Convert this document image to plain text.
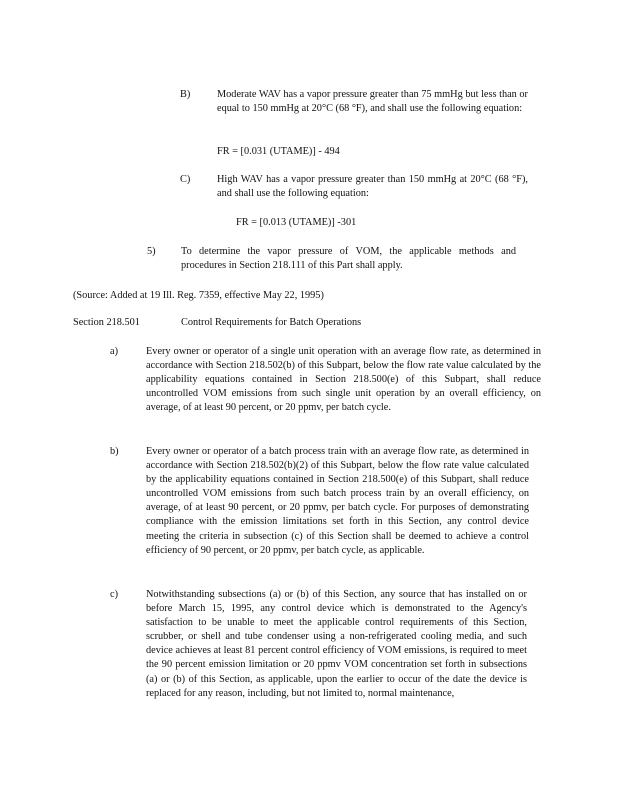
B)	Moderate WAV has a vapor pressure greater than 75 mmHg but less than or equal to 150 mmHg at 20°C (68 °F), and shall use the following equation:
FR = [0.031 (UTAME)] - 494
C)	High WAV has a vapor pressure greater than 150 mmHg at 20°C (68 °F), and shall use the following equation:
FR = [0.013 (UTAME)] -301
5) To determine the vapor pressure of VOM, the applicable methods and procedures in Section 218.111 of this Part shall apply.
(Source: Added at 19 Ill. Reg. 7359, effective May 22, 1995)
Section 218.501	Control Requirements for Batch Operations
a)	Every owner or operator of a single unit operation with an average flow rate, as determined in accordance with Section 218.502(b) of this Subpart, below the flow rate value calculated by the applicability equations contained in Section 218.500(e) of this Subpart, shall reduce uncontrolled VOM emissions from such single unit operation by an overall efficiency, on average, of at least 90 percent, or 20 ppmv, per batch cycle.
b)	Every owner or operator of a batch process train with an average flow rate, as determined in accordance with Section 218.502(b)(2) of this Subpart, below the flow rate value calculated by the applicability equations contained in Section 218.500(e) of this Subpart, shall reduce uncontrolled VOM emissions from such batch process train by an overall efficiency, on average, of at least 90 percent, or 20 ppmv, per batch cycle. For purposes of demonstrating compliance with the emission limitations set forth in this Section, any control device meeting the criteria in subsection (c) of this Section shall be deemed to achieve a control efficiency of 90 percent, or 20 ppmv, per batch cycle, as applicable.
c)	Notwithstanding subsections (a) or (b) of this Section, any source that has installed on or before March 15, 1995, any control device which is demonstrated to the Agency's satisfaction to be unable to meet the applicable control requirements of this Section, scrubber, or shell and tube condenser using a non-refrigerated cooling media, and such device achieves at least 81 percent control efficiency of VOM emissions, is required to meet the 90 percent emission limitation or 20 ppmv VOM concentration set forth in subsections (a) or (b) of this Section, as applicable, upon the earlier to occur of the date the device is replaced for any reason, including, but not limited to, normal maintenance,
